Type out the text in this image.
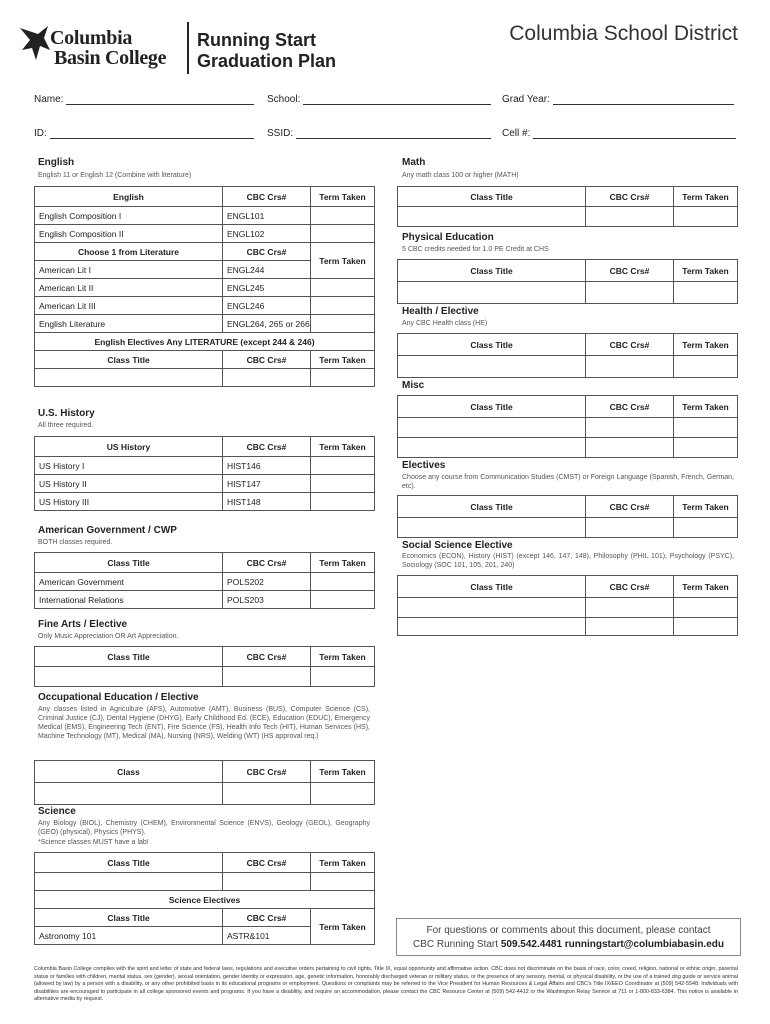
Columbia
Basin College
Running Start
Graduation Plan
Columbia School District
Name:	School:	Grad Year:
ID:	SSID:	Cell #:
English
English 11 or English 12 (Combine with literature)
English	CBC Crs#	Term Taken
English Composition I	ENGL101	
English Composition II	ENGL102	
Choose 1 from Literature	CBC Crs#	Term Taken
American Lit I	ENGL244	
American Lit II	ENGL245	
American Lit III	ENGL246	
English Literature	ENGL264, 265 or 266	
English Electives Any LITERATURE (except 244 & 246)		
Class Title	CBC Crs#	Term Taken

U.S. History
All three required.
US History	CBC Crs#	Term Taken
US History I	HIST146	
US History II	HIST147	
US History III	HIST148	
American Government / CWP
BOTH classes required.
Class Title	CBC Crs#	Term Taken
American Government	POLS202	
International Relations	POLS203	
Fine Arts / Elective
Only Music Appreciation OR Art Appreciation.
Class Title	CBC Crs#	Term Taken

Occupational Education / Elective
Any classes listed in Agriculture (AFS), Automotive (AMT), Business (BUS), Computer Science (CS), Criminal Justice (CJ), Dental Hygiene (DHYG), Early Childhood Ed. (ECE), Education (EDUC), Emergency Medical (EMS), Engineering Tech (ENT), Fire Science (FS), Health Info Tech (HIT), Human Services (HS), Machine Technology (MT), Medical (MA), Nursing (NRS), Welding (WT) (HS approval req.)
Class	CBC Crs#	Term Taken

Science
Any Biology (BIOL), Chemistry (CHEM), Environmental Science (ENVS), Geology (GEOL), Geography (GEO) (physical), Physics (PHYS).
*Science classes MUST have a lab!
Class Title	CBC Crs#	Term Taken

Science Electives		
Class Title	CBC Crs#	Term Taken
Astronomy 101	ASTR&101	
Math
Any math class 100 or higher (MATH)
Class Title	CBC Crs#	Term Taken

Physical Education
5 CBC credits needed for 1.0 PE Credit at CHS
Class Title	CBC Crs#	Term Taken

Health / Elective
Any CBC Health class (HE)
Class Title	CBC Crs#	Term Taken

Misc
Class Title	CBC Crs#	Term Taken

Electives
Choose any course from Communication Studies (CMST) or Foreign Language (Spanish, French, German, etc).
Class Title	CBC Crs#	Term Taken

Social Science Elective
Economics (ECON), History (HIST) (except 146, 147, 148), Philosophy (PHIL 101), Psychology (PSYC), Sociology (SOC 101, 105, 201, 240)
Class Title	CBC Crs#	Term Taken

For questions or comments about this document, please contact
CBC Running Start 509.542.4481 runningstart@columbiabasin.edu
Columbia Basin College complies with the spirit and letter of state and federal laws, regulations and executive orders pertaining to civil rights, Title IX, equal opportunity and affirmative action. CBC does not discriminate on the basis of race, color, creed, religion, national or ethnic origin, parental status or families with children, marital status, sex (gender), sexual orientation, gender identity or expression, age, genetic information, honorably discharged veteran or military status, or the presence of any sensory, mental, or physical disability, or the use of a trained dog guide or service animal (allowed by law) by a person with a disability, or any other prohibited basis in its educational programs or employment. Questions or complaints may be referred to the Vice President for Human Resources & Legal Affairs and CBC's Title IX/EEO Coordinator at (509) 542-5548. Individuals with disabilities are encouraged to participate in all college sponsored events and programs. If you have a disability, and require an accommodation, please contact the CBC Resource Center at (509) 542-4412 or the Washington Relay Service at 711 or 1-800-833-6384. This notice is available in alternative media by request.
